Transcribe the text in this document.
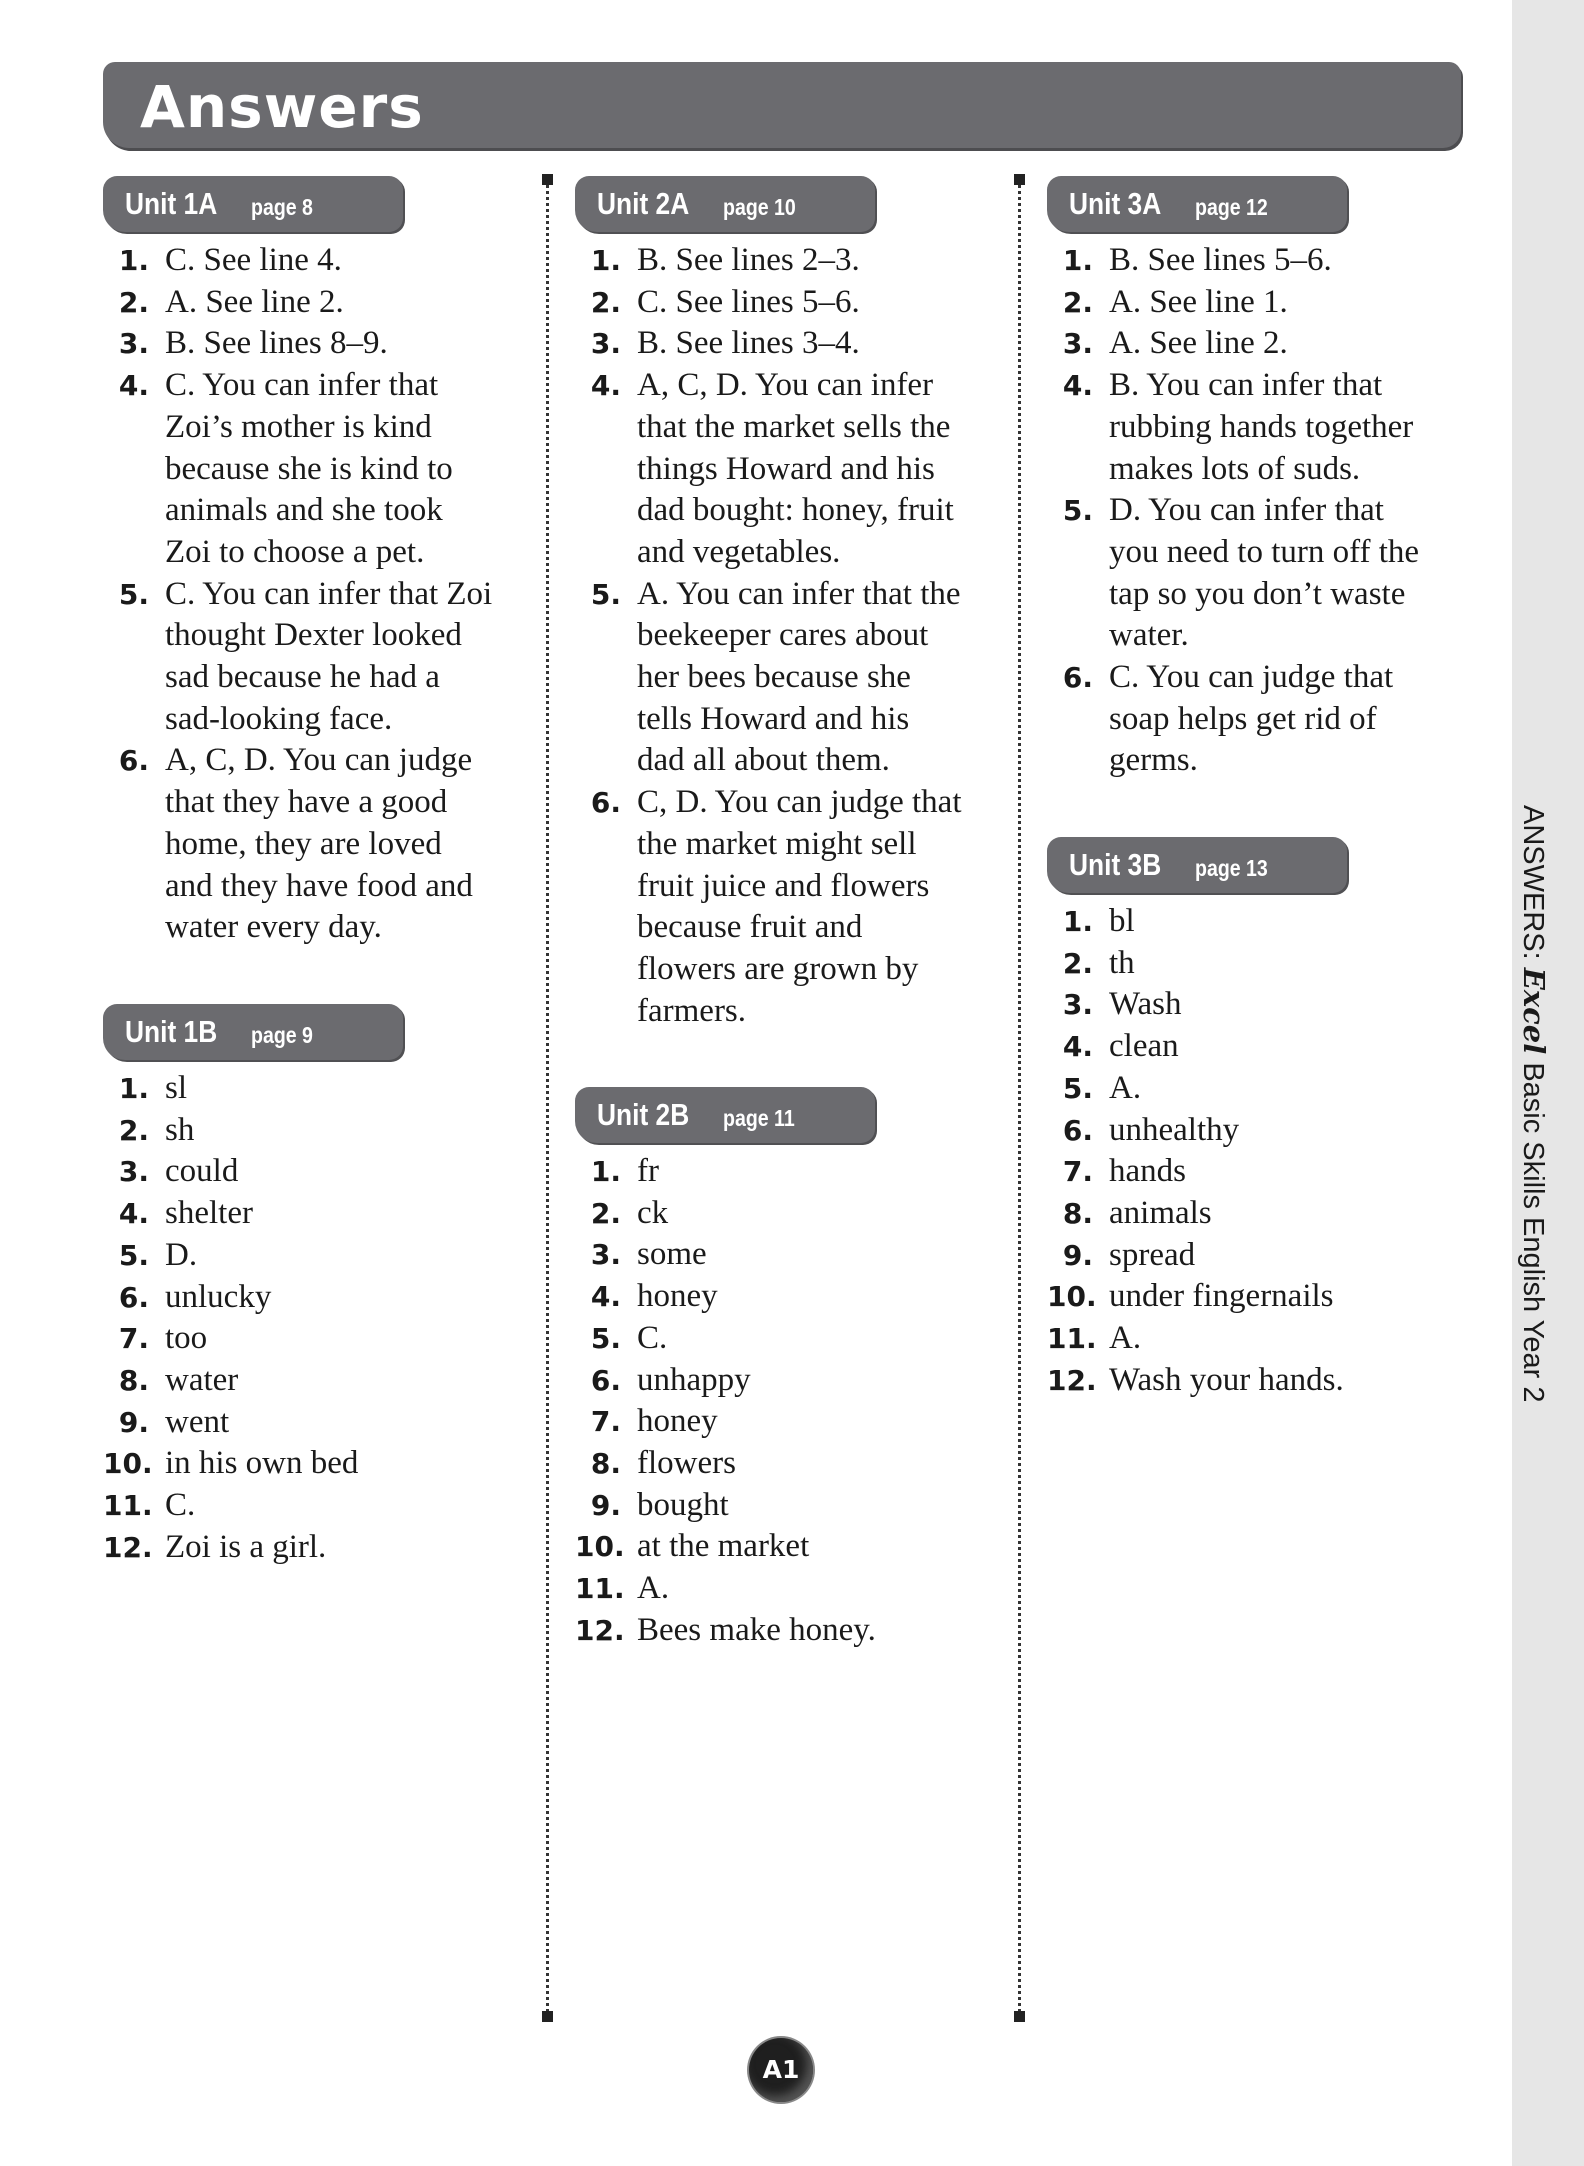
ANSWERS: Excel Basic Skills English Year 2
Answers
Unit 1A page 8
1. C. See line 4.
2. A. See line 2.
3. B. See lines 8–9.
4. C. You can infer that
Zoi’s mother is kind
because she is kind to
animals and she took
Zoi to choose a pet.
5. C. You can infer that Zoi
thought Dexter looked
sad because he had a
sad-looking face.
6. A, C, D. You can judge
that they have a good
home, they are loved
and they have food and
water every day.
Unit 1B page 9
1. sl
2. sh
3. could
4. shelter
5. D.
6. unlucky
7. too
8. water
9. went
10. in his own bed
11. C.
12. Zoi is a girl.
Unit 2A page 10
1. B. See lines 2–3.
2. C. See lines 5–6.
3. B. See lines 3–4.
4. A, C, D. You can infer
that the market sells the
things Howard and his
dad bought: honey, fruit
and vegetables.
5. A. You can infer that the
beekeeper cares about
her bees because she
tells Howard and his
dad all about them.
6. C, D. You can judge that
the market might sell
fruit juice and flowers
because fruit and
flowers are grown by
farmers.
Unit 2B page 11
1. fr
2. ck
3. some
4. honey
5. C.
6. unhappy
7. honey
8. flowers
9. bought
10. at the market
11. A.
12. Bees make honey.
Unit 3A page 12
1. B. See lines 5–6.
2. A. See line 1.
3. A. See line 2.
4. B. You can infer that
rubbing hands together
makes lots of suds.
5. D. You can infer that
you need to turn off the
tap so you don’t waste
water.
6. C. You can judge that
soap helps get rid of
germs.
Unit 3B page 13
1. bl
2. th
3. Wash
4. clean
5. A.
6. unhealthy
7. hands
8. animals
9. spread
10. under fingernails
11. A.
12. Wash your hands.
A1
